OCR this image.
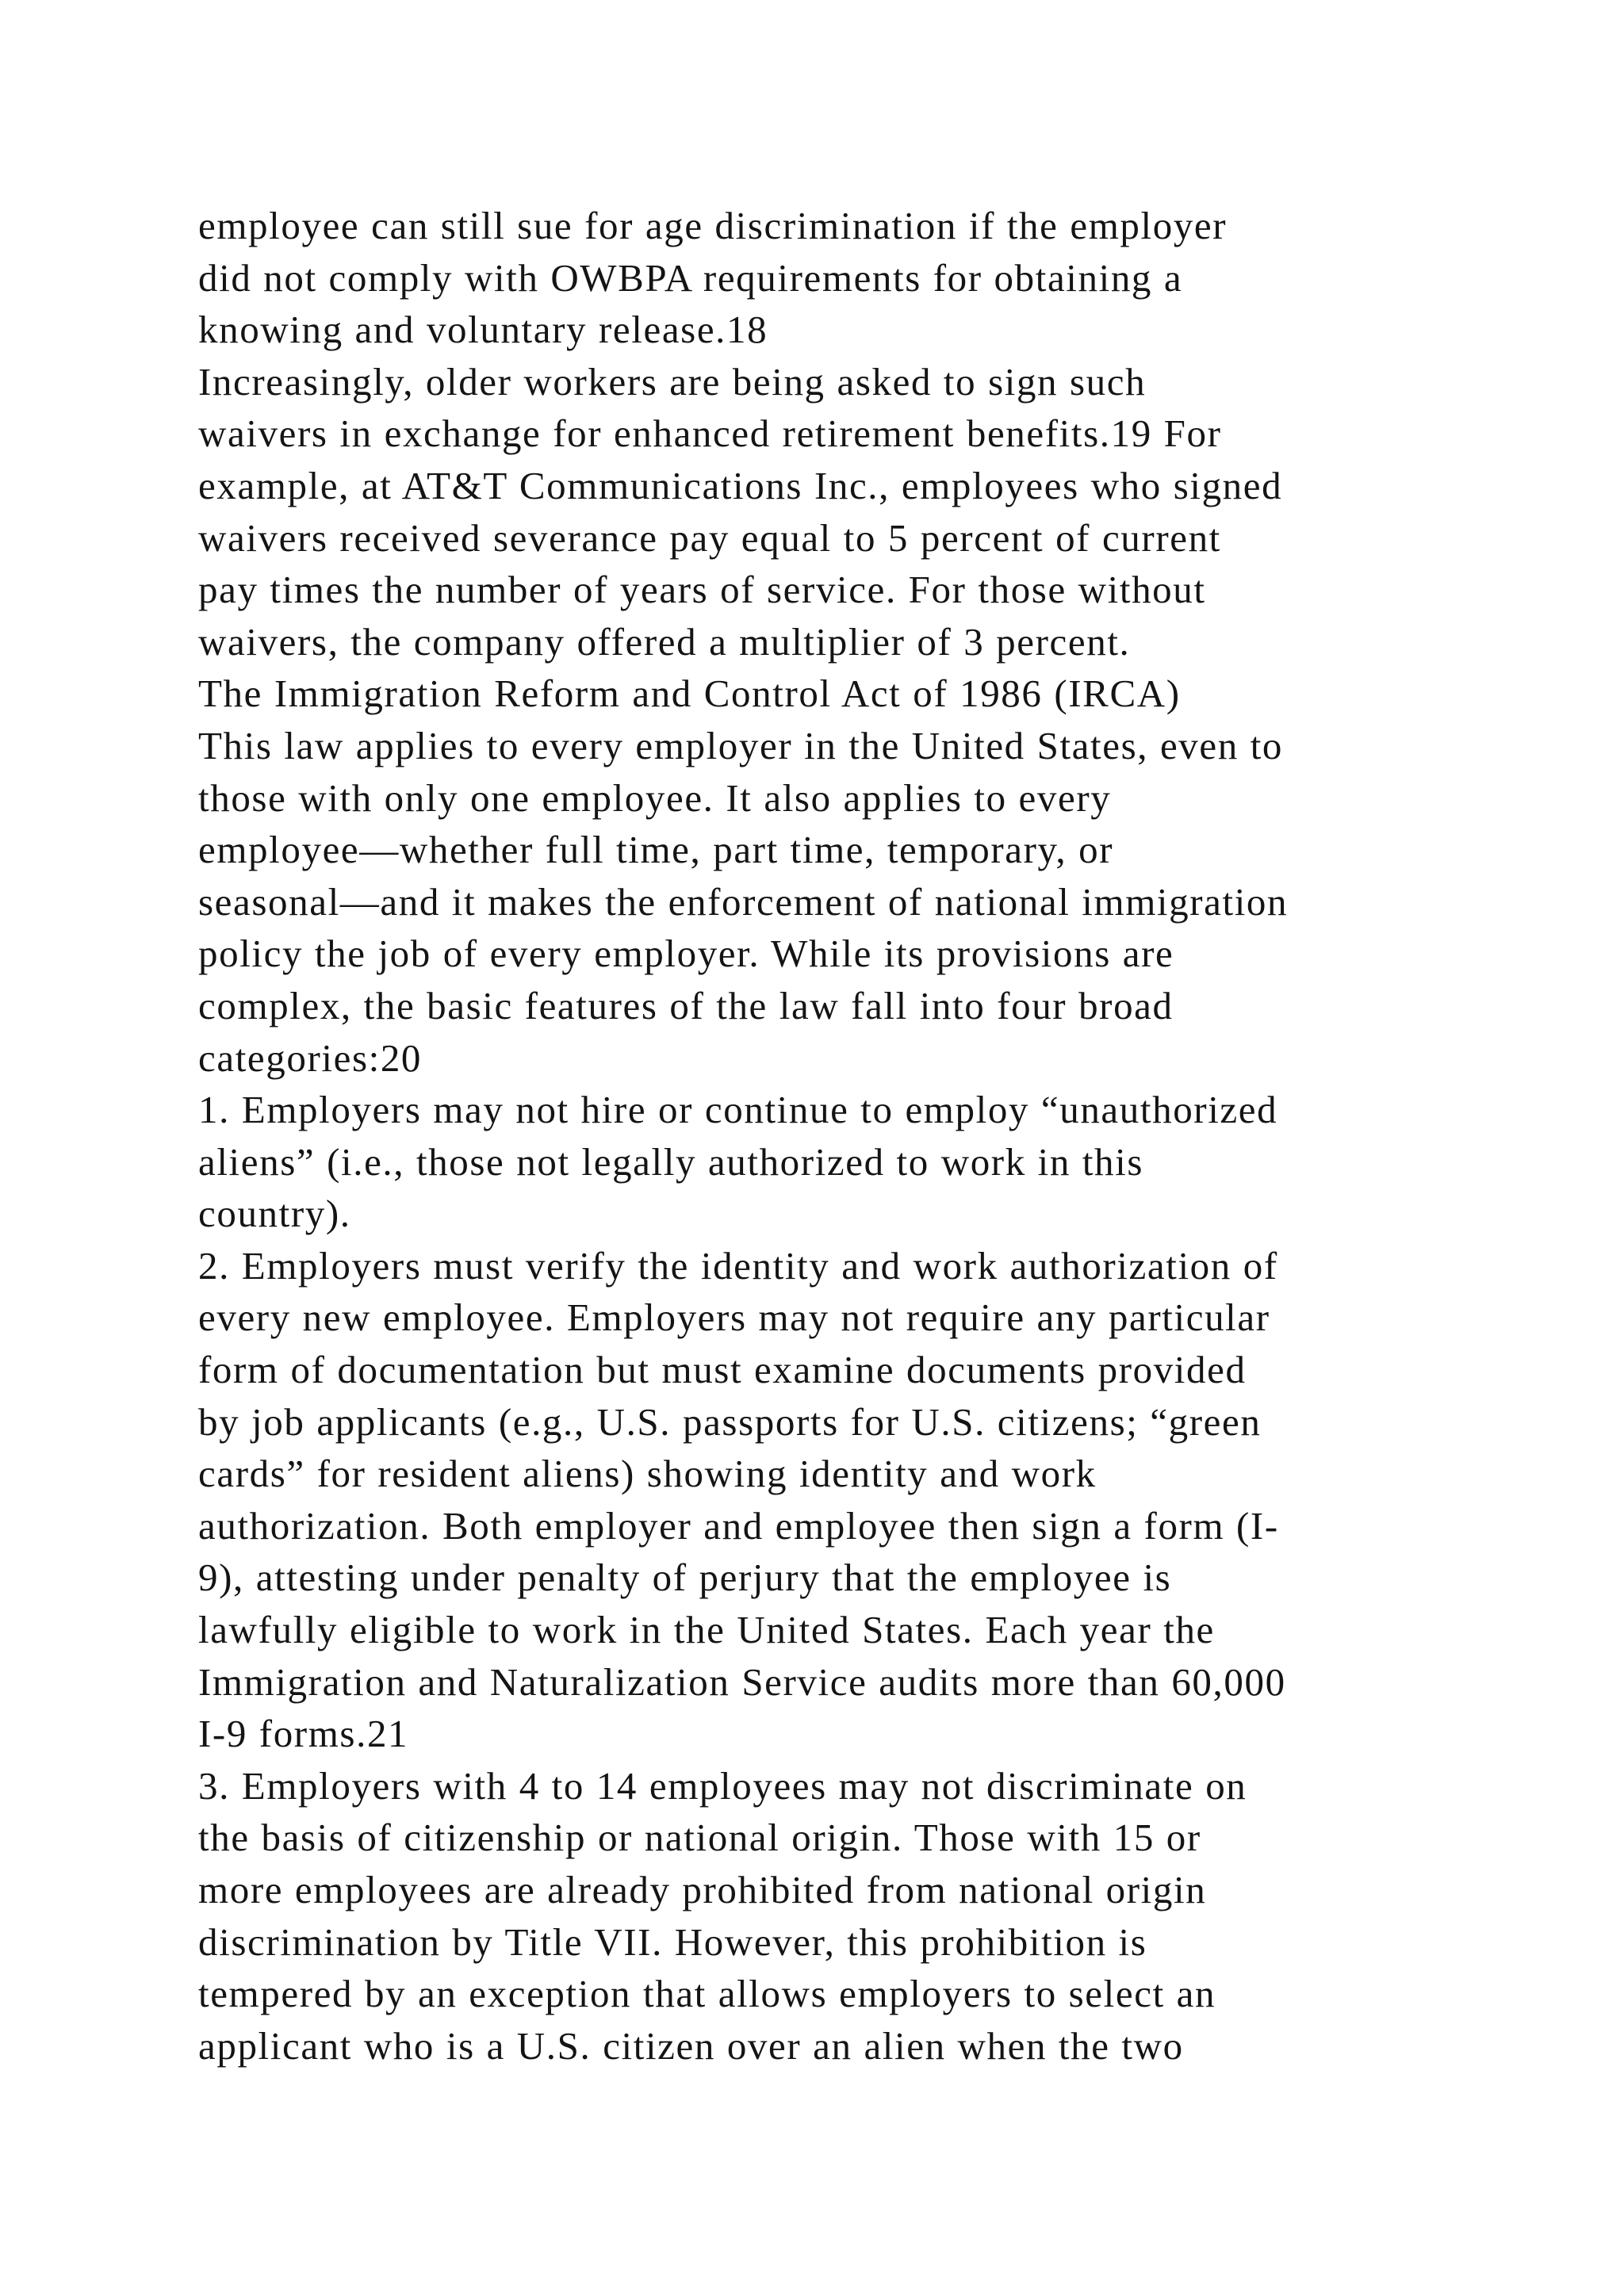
employee can still sue for age discrimination if the employer
did not comply with OWBPA requirements for obtaining a
knowing and voluntary release.18
Increasingly, older workers are being asked to sign such
waivers in exchange for enhanced retirement benefits.19 For
example, at AT&T Communications Inc., employees who signed
waivers received severance pay equal to 5 percent of current
pay times the number of years of service. For those without
waivers, the company offered a multiplier of 3 percent.
The Immigration Reform and Control Act of 1986 (IRCA)
This law applies to every employer in the United States, even to
those with only one employee. It also applies to every
employee—whether full time, part time, temporary, or
seasonal—and it makes the enforcement of national immigration
policy the job of every employer. While its provisions are
complex, the basic features of the law fall into four broad
categories:20
1. Employers may not hire or continue to employ “unauthorized
aliens” (i.e., those not legally authorized to work in this
country).
2. Employers must verify the identity and work authorization of
every new employee. Employers may not require any particular
form of documentation but must examine documents provided
by job applicants (e.g., U.S. passports for U.S. citizens; “green
cards” for resident aliens) showing identity and work
authorization. Both employer and employee then sign a form (I-
9), attesting under penalty of perjury that the employee is
lawfully eligible to work in the United States. Each year the
Immigration and Naturalization Service audits more than 60,000
I-9 forms.21
3. Employers with 4 to 14 employees may not discriminate on
the basis of citizenship or national origin. Those with 15 or
more employees are already prohibited from national origin
discrimination by Title VII. However, this prohibition is
tempered by an exception that allows employers to select an
applicant who is a U.S. citizen over an alien when the two
